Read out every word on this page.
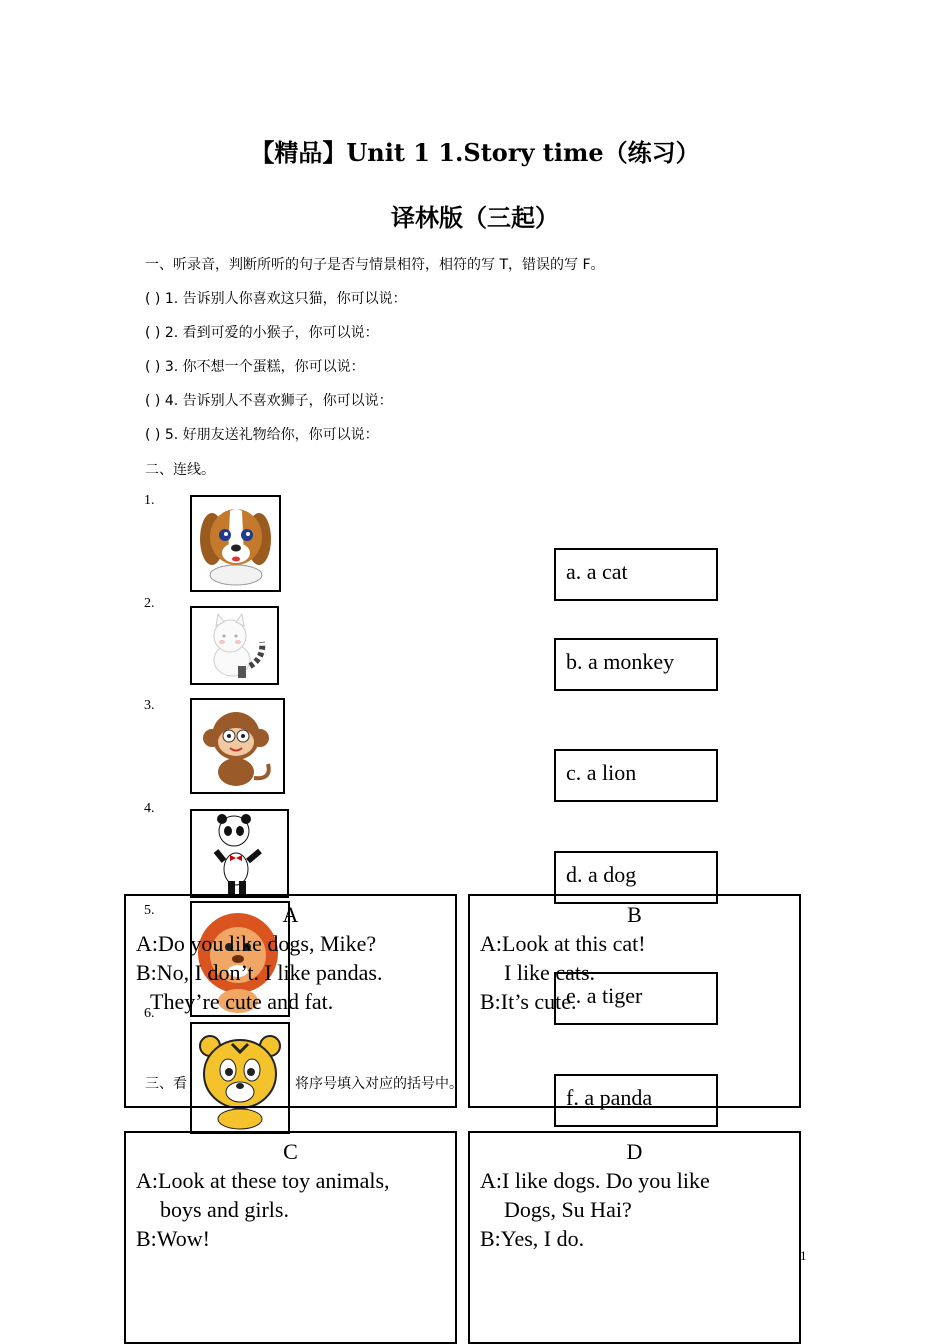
【精品】Unit 1 1.Story time（练习）
译林版（三起）
一、听录音，判断所听的句子是否与情景相符，相符的写 T，错误的写 F。
( ) 1. 告诉别人你喜欢这只猫，你可以说：
( ) 2. 看到可爱的小猴子，你可以说：
( ) 3. 你不想一个蛋糕，你可以说：
( ) 4. 告诉别人不喜欢狮子，你可以说：
( ) 5. 好朋友送礼物给你，你可以说：
二、连线。
1.
2.
3.
4.
5.
6.
a. a cat
b. a monkey
c. a lion
d. a dog
e. a tiger
f. a panda
三、看	将序号填入对应的括号中。
A
A:Do you like dogs, Mike?
B:No, I don’t. I like pandas.
They’re cute and fat.
B
A:Look at this cat!
I like cats.
B:It’s cute.
C
A:Look at these toy animals,
boys and girls.
B:Wow!
D
A:I like dogs. Do you like
Dogs, Su Hai?
B:Yes, I do.
1
